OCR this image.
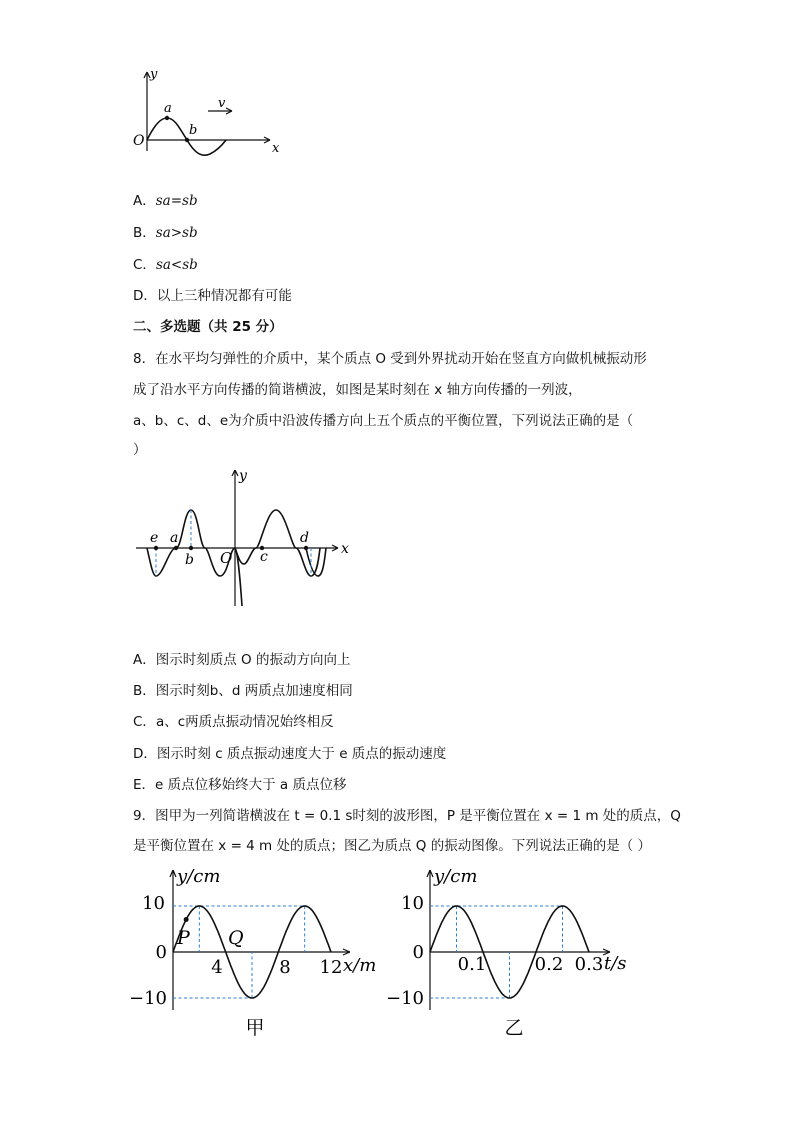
y
x
O
a
b
v
A．sa=sb
B．sa>sb
C．sa<sb
D．以上三种情况都有可能
二、多选题（共 25 分）
8．在水平均匀弹性的介质中，某个质点 O 受到外界扰动开始在竖直方向做机械振动形
成了沿水平方向传播的简谐横波，如图是某时刻在 x 轴方向传播的一列波，
a、b、c、d、e为介质中沿波传播方向上五个质点的平衡位置，下列说法正确的是（
）
y
x
O
e a
b	c
d
A．图示时刻质点 O 的振动方向向上
B．图示时刻b、d 两质点加速度相同
C．a、c两质点振动情况始终相反
D．图示时刻 c 质点振动速度大于 e 质点的振动速度
E．e 质点位移始终大于 a 质点位移
9．图甲为一列简谐横波在 t = 0.1 s时刻的波形图，P 是平衡位置在 x = 1 m 处的质点，Q
是平衡位置在 x = 4 m 处的质点；图乙为质点 Q 的振动图像。下列说法正确的是（ ）
y/cm
x/m
10
0
−10
4	8 12
P Q
甲
y/cm
t/s
10
0
−10
0.1	0.2 0.3
乙
